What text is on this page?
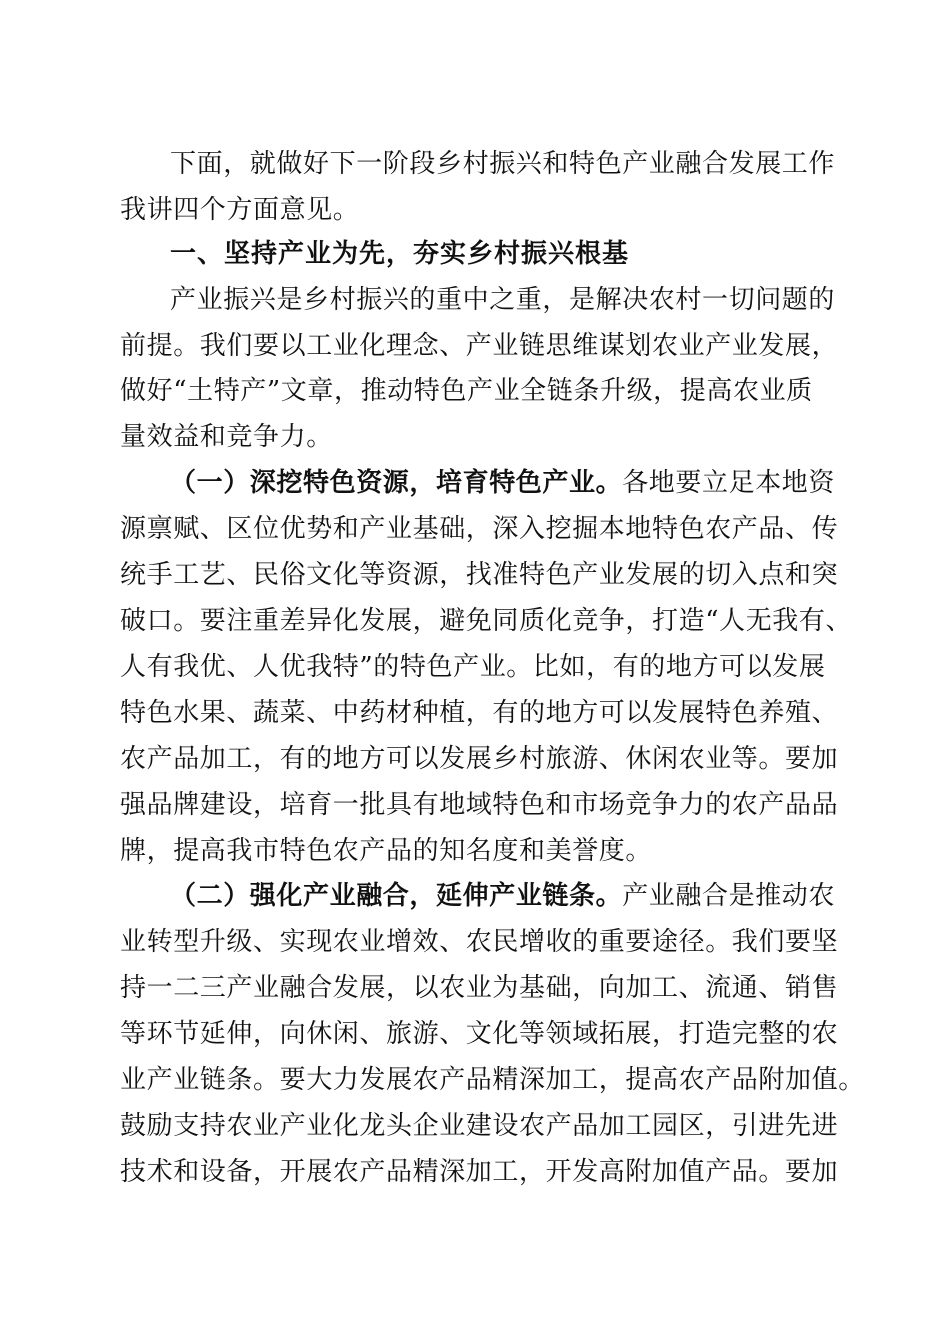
下面，就做好下一阶段乡村振兴和特色产业融合发展工作
我讲四个方面意见。
一、坚持产业为先，夯实乡村振兴根基
产业振兴是乡村振兴的重中之重，是解决农村一切问题的
前提。我们要以工业化理念、产业链思维谋划农业产业发展，
做好“土特产”文章，推动特色产业全链条升级，提高农业质
量效益和竞争力。
（一）深挖特色资源，培育特色产业。各地要立足本地资
源禀赋、区位优势和产业基础，深入挖掘本地特色农产品、传
统手工艺、民俗文化等资源，找准特色产业发展的切入点和突
破口。要注重差异化发展，避免同质化竞争，打造“人无我有、
人有我优、人优我特”的特色产业。比如，有的地方可以发展
特色水果、蔬菜、中药材种植，有的地方可以发展特色养殖、
农产品加工，有的地方可以发展乡村旅游、休闲农业等。要加
强品牌建设，培育一批具有地域特色和市场竞争力的农产品品
牌，提高我市特色农产品的知名度和美誉度。
（二）强化产业融合，延伸产业链条。产业融合是推动农
业转型升级、实现农业增效、农民增收的重要途径。我们要坚
持一二三产业融合发展，以农业为基础，向加工、流通、销售
等环节延伸，向休闲、旅游、文化等领域拓展，打造完整的农
业产业链条。要大力发展农产品精深加工，提高农产品附加值。
鼓励支持农业产业化龙头企业建设农产品加工园区，引进先进
技术和设备，开展农产品精深加工，开发高附加值产品。要加
